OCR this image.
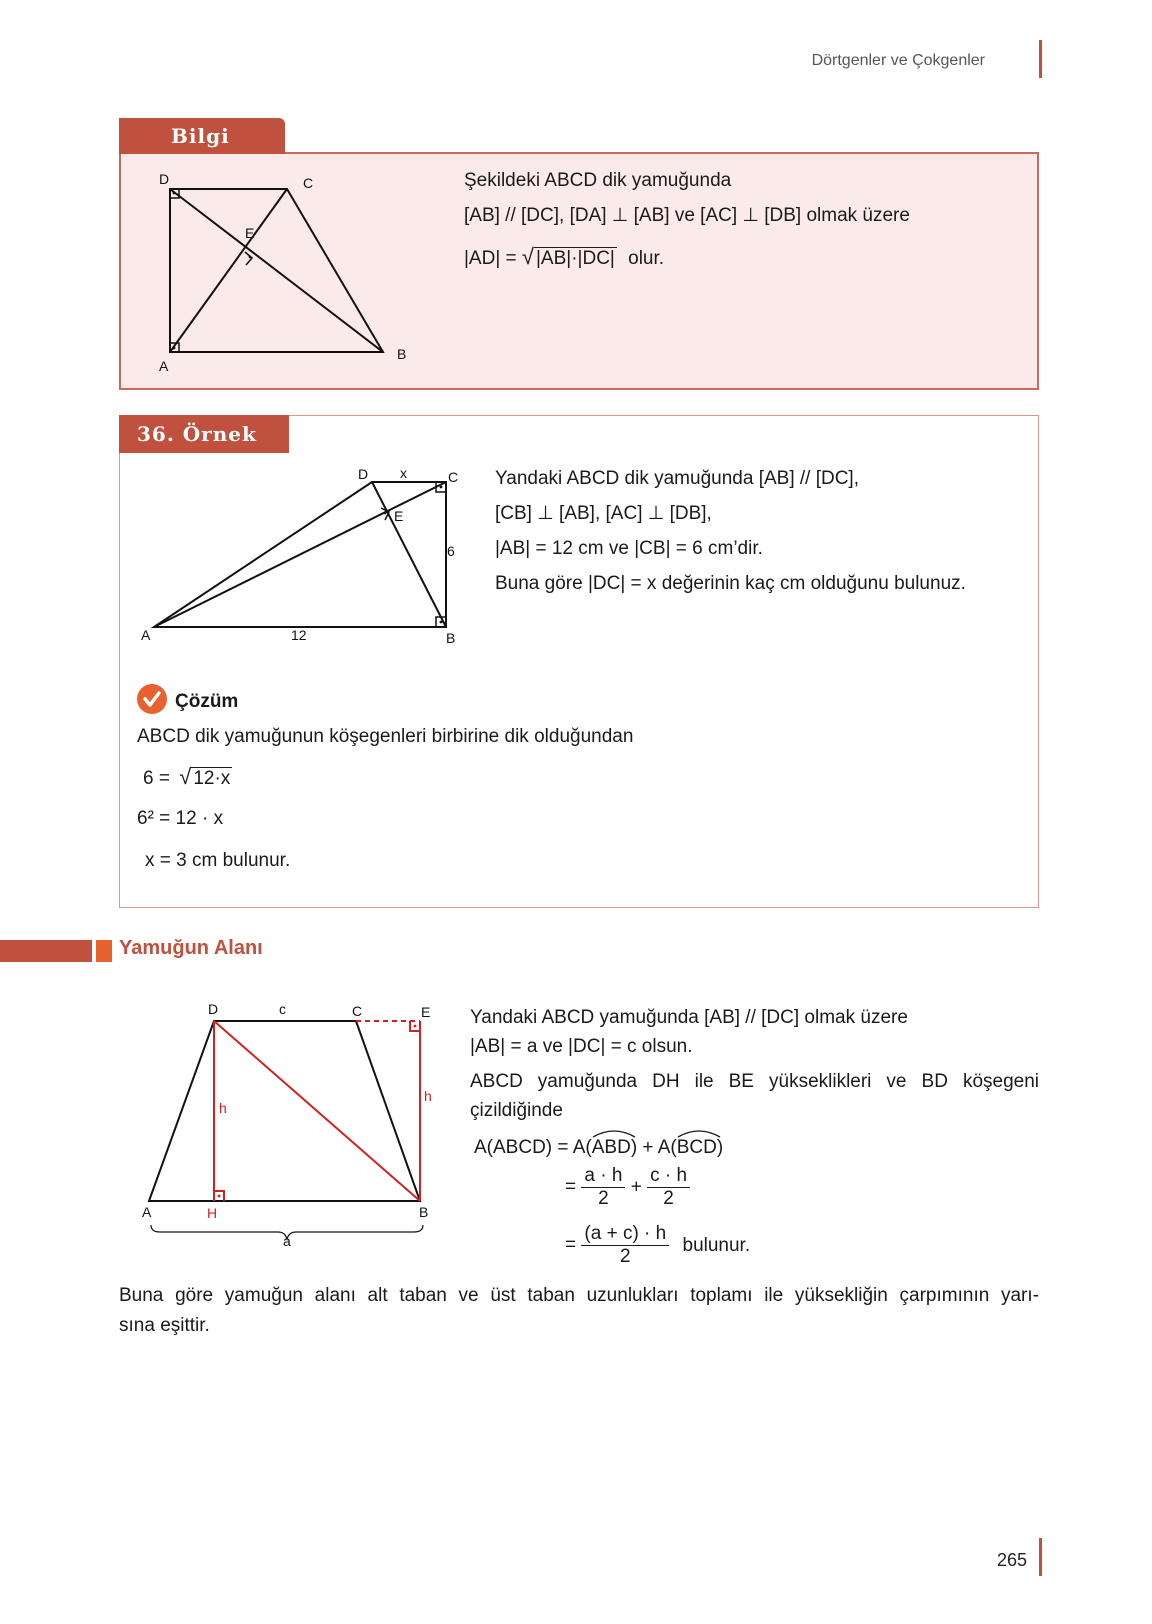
Dörtgenler ve Çokgenler
Bilgi
D	C
E
A
B
Şekildeki ABCD dik yamuğunda
[AB] // [DC], [DA] ⊥ [AB] ve [AC] ⊥ [DB] olmak üzere
|AD| = √ |AB|·|DC| olur.
36. Örnek
D x	C
E
6
A	12	B
Yandaki ABCD dik yamuğunda [AB] // [DC],
[CB] ⊥ [AB], [AC] ⊥ [DB],
|AB| = 12 cm ve |CB| = 6 cm’dir.
Buna göre |DC| = x değerinin kaç cm olduğunu bulunuz.
Çözüm
ABCD dik yamuğunun köşegenleri birbirine dik olduğundan
6 = √ 12·x
6² = 12 · x
x = 3 cm bulunur.
Yamuğun Alanı
D	c	C	E
h
h
A	H	B
a
Yandaki ABCD yamuğunda [AB] // [DC] olmak üzere
|AB| = a ve |DC| = c olsun.
ABCD yamuğunda DH ile BE yükseklikleri ve BD köşegeni
çizildiğinde
A(ABCD) = A(
ABD) + A(
BCD)
= $\frac{a \cdot h}{2} + \frac{c \cdot h}{2}$
= $\frac{(a + c) \cdot h}{2}$ bulunur.
Buna göre yamuğun alanı alt taban ve üst taban uzunlukları toplamı ile yüksekliğin çarpımının yarı-
sına eşittir.
265
